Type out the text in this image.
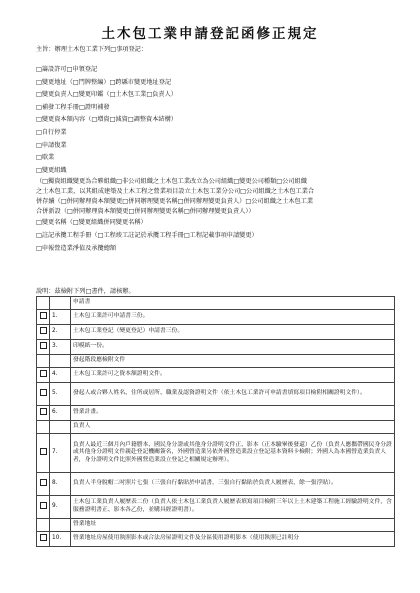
土木包工業申請登記函修正規定
主旨：辦理土木包工業下列□事項登記：
□籌設許可□申領登記
□變更地址（□門牌整編）□跨縣市變更地址登記
□變更負責人□變更印鑑（□土木包工業□負責人）
□補發工程手冊□證明補發
□變更資本額內容（□增資□減資□調整資本結構）
□自行停業
□申請復業
□歇業
□變更組織
（□獨資組織變更為合夥組織□非公司組織之土木包工業改立為公司組織□變更公司種類□公司組織
之土木包工業，以其組成建築及土木工程之營業項目設立土木包工業分公司□公司組織之土木包工業合
併存續（□併同辦理資本額變更□併同辦理變更名稱□併同辦理變更負責人）□公司組織之土木包工業
合併新設（□併同辦理資本額變更□併同辦理變更名稱□併同辦理變更負責人））
□變更名稱（□變更組織併同變更名稱）
□註記承攬工程手冊（□工程竣工註記於承攬工程手冊□工程記載事項申請變更）
□申報營造業淨值及承攬總額
說明：茲檢附下列□書件，請核辦。
		申請書
	1.	土木包工業許可申請書三份。
	2.	土木包工業登記（變更登記）申請書三份。
	3.	印模紙一份。
		發起階段應檢附文件
	4.	土木包工業許可之資本額證明文件。
	5.	發起人或合夥人姓名、住所或居所、職業及認資證明文件（依土木包工業許可申請書填寫項目檢附相關證明文件）。
	6.	營業計畫。
		負責人
	7.	負責人最近三個月內戶籍謄本、國民身分證或其他身分證明文件正、影本（正本驗畢後發還）乙份（負責人應攜帶國民身分證或其他身分證明文件親赴登記機關簽名，外國營造業另依外國營造業設立登記基本資料卡檢附；外國人為本國營造業負責人者，身分證明文件比照外國營造業設立登記之相關規定辦理）。
	8.	負責人半身脫帽二吋照片七張（三張自行黏貼於申請書，三張自行黏貼於負責人履歷表，餘一張浮貼）。
	9.	土木包工業負責人履歷表二份（負責人依土木包工業負責人履歷表填寫項目檢附三年以上土木建築工程施工經驗證明文件，含服務證明書正、影本各乙份，並購具經證明書）。
		營業地址
	10.	營業地址房屋使用執照影本或合法房屋證明文件及分區使用證明影本（使用執照已註明分
